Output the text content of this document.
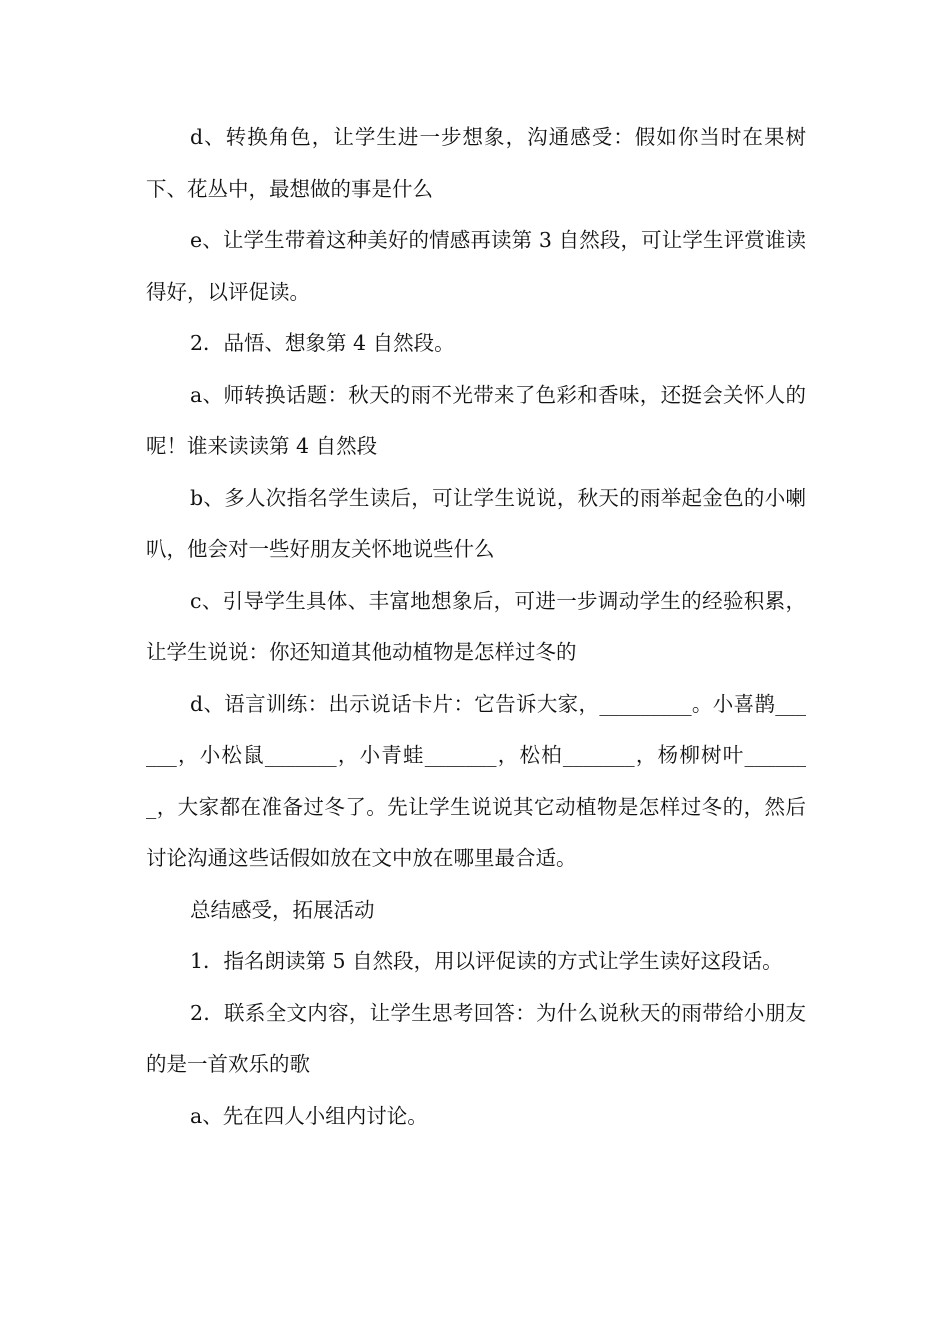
d、转换角色，让学生进一步想象，沟通感受：假如你当时在果树下、花丛中，最想做的事是什么

e、让学生带着这种美好的情感再读第 3 自然段，可让学生评赏谁读得好，以评促读。

2．品悟、想象第 4 自然段。

a、师转换话题：秋天的雨不光带来了色彩和香味，还挺会关怀人的呢！谁来读读第 4 自然段

b、多人次指名学生读后，可让学生说说，秋天的雨举起金色的小喇叭，他会对一些好朋友关怀地说些什么

c、引导学生具体、丰富地想象后，可进一步调动学生的经验积累，让学生说说：你还知道其他动植物是怎样过冬的

d、语言训练：出示说话卡片：它告诉大家，_________。小喜鹊______，小松鼠_______，小青蛙_______，松柏_______，杨柳树叶_______，大家都在准备过冬了。先让学生说说其它动植物是怎样过冬的，然后讨论沟通这些话假如放在文中放在哪里最合适。

总结感受，拓展活动

1．指名朗读第 5 自然段，用以评促读的方式让学生读好这段话。

2．联系全文内容，让学生思考回答：为什么说秋天的雨带给小朋友的是一首欢乐的歌

a、先在四人小组内讨论。
